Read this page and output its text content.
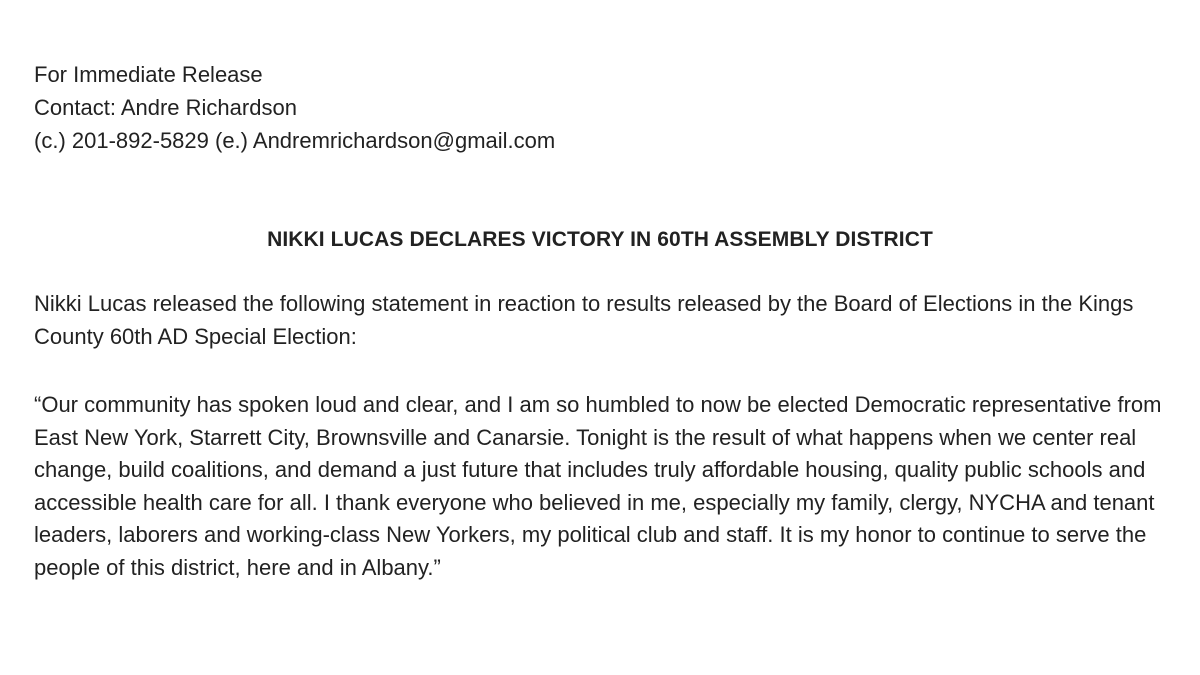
For Immediate Release

Contact: Andre Richardson

(c.) 201-892-5829 (e.) Andremrichardson@gmail.com

NIKKI LUCAS DECLARES VICTORY IN 60TH ASSEMBLY DISTRICT

Nikki Lucas released the following statement in reaction to results released by the Board of Elections in the Kings County 60th AD Special Election:

“Our community has spoken loud and clear, and I am so humbled to now be elected Democratic representative from East New York, Starrett City, Brownsville and Canarsie. Tonight is the result of what happens when we center real change, build coalitions, and demand a just future that includes truly affordable housing, quality public schools and accessible health care for all. I thank everyone who believed in me, especially my family, clergy, NYCHA and tenant leaders, laborers and working-class New Yorkers, my political club and staff. It is my honor to continue to serve the people of this district, here and in Albany.”
